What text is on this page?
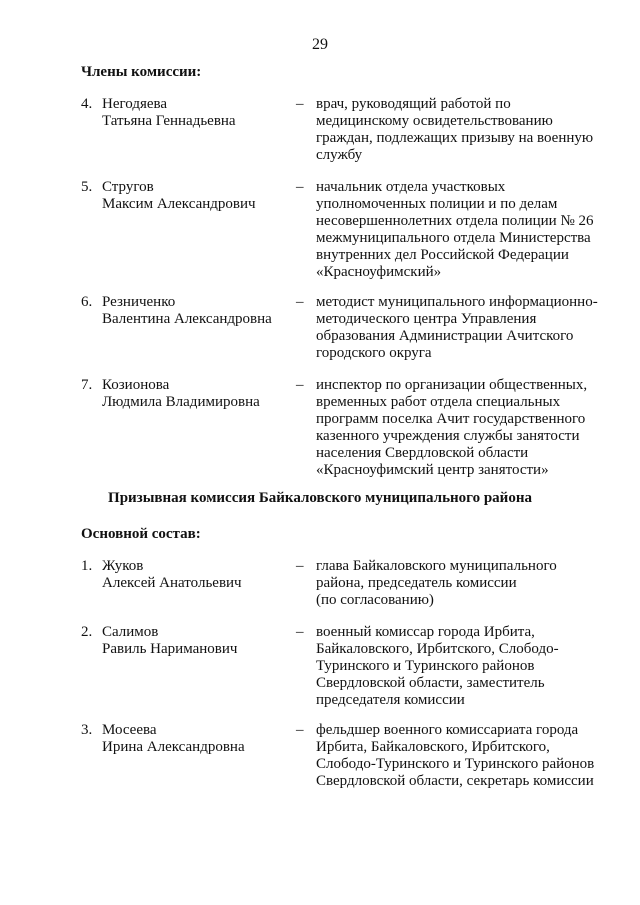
29
Члены комиссии:
4. Негодяева
Татьяна Геннадьевна
– врач, руководящий работой по
медицинскому освидетельствованию
граждан, подлежащих призыву на военную
службу
5. Стругов
Максим Александрович
– начальник отдела участковых
уполномоченных полиции и по делам
несовершеннолетних отдела полиции № 26
межмуниципального отдела Министерства
внутренних дел Российской Федерации
«Красноуфимский»
6. Резниченко
Валентина Александровна
– методист муниципального информационно-
методического центра Управления
образования Администрации Ачитского
городского округа
7. Козионова
Людмила Владимировна
– инспектор по организации общественных,
временных работ отдела специальных
программ поселка Ачит государственного
казенного учреждения службы занятости
населения Свердловской области
«Красноуфимский центр занятости»
Призывная комиссия Байкаловского муниципального района
Основной состав:
1. Жуков
Алексей Анатольевич
– глава Байкаловского муниципального
района, председатель комиссии
(по согласованию)
2. Салимов
Равиль Нариманович
– военный комиссар города Ирбита,
Байкаловского, Ирбитского, Слободо-
Туринского и Туринского районов
Свердловской области, заместитель
председателя комиссии
3. Мосеева
Ирина Александровна
– фельдшер военного комиссариата города
Ирбита, Байкаловского, Ирбитского,
Слободо-Туринского и Туринского районов
Свердловской области, секретарь комиссии
